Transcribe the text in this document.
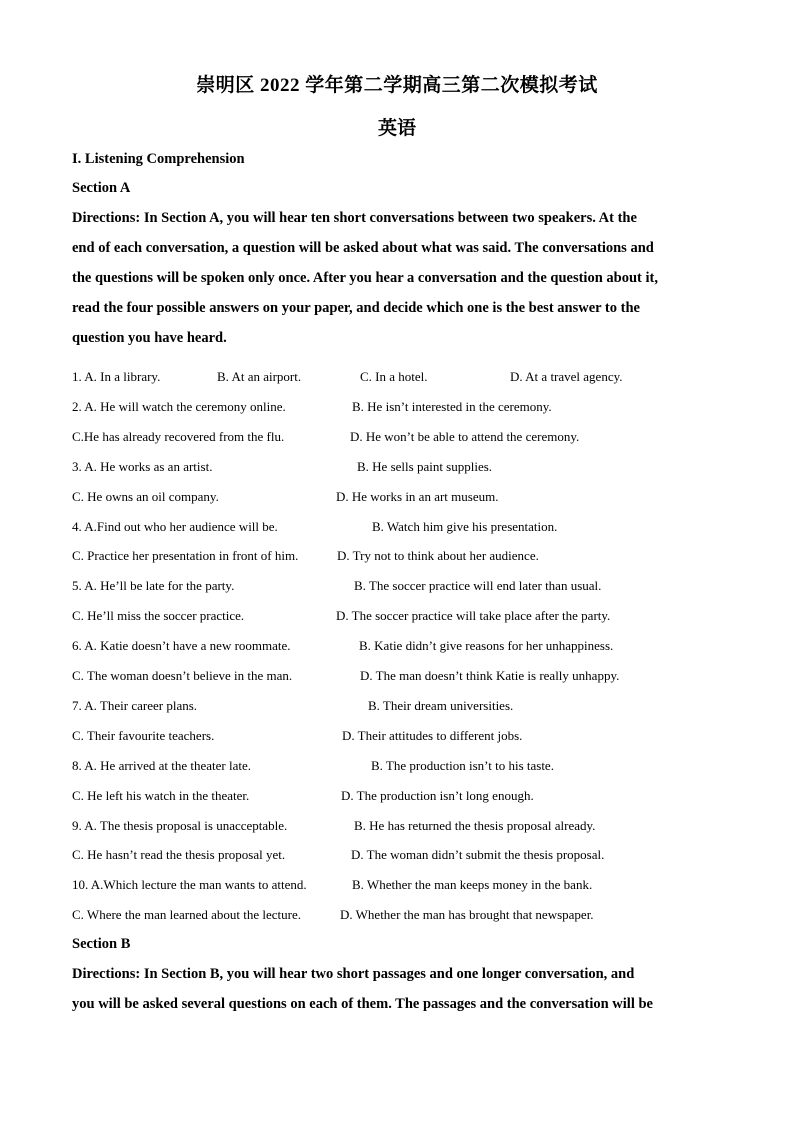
崇明区 2022 学年第二学期高三第二次模拟考试
英语
I. Listening Comprehension
Section A
Directions: In Section A, you will hear ten short conversations between two speakers. At the
end of each conversation, a question will be asked about what was said. The conversations and
the questions will be spoken only once. After you hear a conversation and the question about it,
read the four possible answers on your paper, and decide which one is the best answer to the
question you have heard.
1. A. In a library.	B. At an airport.	C. In a hotel.	D. At a travel agency.
2. A. He will watch the ceremony online.	B. He isn’t interested in the ceremony.
C.He has already recovered from the flu.	D. He won’t be able to attend the ceremony.
3. A. He works as an artist.	B. He sells paint supplies.
C. He owns an oil company.	D. He works in an art museum.
4. A.Find out who her audience will be.	B. Watch him give his presentation.
C. Practice her presentation in front of him.	D. Try not to think about her audience.
5. A. He’ll be late for the party.	B. The soccer practice will end later than usual.
C. He’ll miss the soccer practice.	D. The soccer practice will take place after the party.
6. A. Katie doesn’t have a new roommate.	B. Katie didn’t give reasons for her unhappiness.
C. The woman doesn’t believe in the man.	D. The man doesn’t think Katie is really unhappy.
7. A. Their career plans.	B. Their dream universities.
C. Their favourite teachers.	D. Their attitudes to different jobs.
8. A. He arrived at the theater late.	B. The production isn’t to his taste.
C. He left his watch in the theater.	D. The production isn’t long enough.
9. A. The thesis proposal is unacceptable.	B. He has returned the thesis proposal already.
C. He hasn’t read the thesis proposal yet.	D. The woman didn’t submit the thesis proposal.
10. A.Which lecture the man wants to attend.	B. Whether the man keeps money in the bank.
C. Where the man learned about the lecture.	D. Whether the man has brought that newspaper.
Section B
Directions: In Section B, you will hear two short passages and one longer conversation, and
you will be asked several questions on each of them. The passages and the conversation will be
